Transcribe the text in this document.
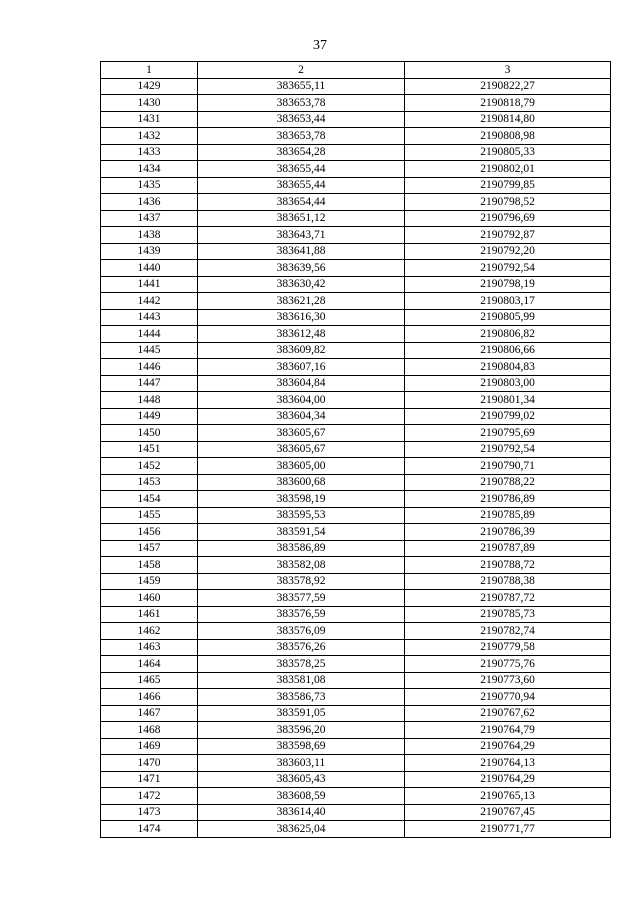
37
1	2	3
1429	383655,11	2190822,27
1430	383653,78	2190818,79
1431	383653,44	2190814,80
1432	383653,78	2190808,98
1433	383654,28	2190805,33
1434	383655,44	2190802,01
1435	383655,44	2190799,85
1436	383654,44	2190798,52
1437	383651,12	2190796,69
1438	383643,71	2190792,87
1439	383641,88	2190792,20
1440	383639,56	2190792,54
1441	383630,42	2190798,19
1442	383621,28	2190803,17
1443	383616,30	2190805,99
1444	383612,48	2190806,82
1445	383609,82	2190806,66
1446	383607,16	2190804,83
1447	383604,84	2190803,00
1448	383604,00	2190801,34
1449	383604,34	2190799,02
1450	383605,67	2190795,69
1451	383605,67	2190792,54
1452	383605,00	2190790,71
1453	383600,68	2190788,22
1454	383598,19	2190786,89
1455	383595,53	2190785,89
1456	383591,54	2190786,39
1457	383586,89	2190787,89
1458	383582,08	2190788,72
1459	383578,92	2190788,38
1460	383577,59	2190787,72
1461	383576,59	2190785,73
1462	383576,09	2190782,74
1463	383576,26	2190779,58
1464	383578,25	2190775,76
1465	383581,08	2190773,60
1466	383586,73	2190770,94
1467	383591,05	2190767,62
1468	383596,20	2190764,79
1469	383598,69	2190764,29
1470	383603,11	2190764,13
1471	383605,43	2190764,29
1472	383608,59	2190765,13
1473	383614,40	2190767,45
1474	383625,04	2190771,77
